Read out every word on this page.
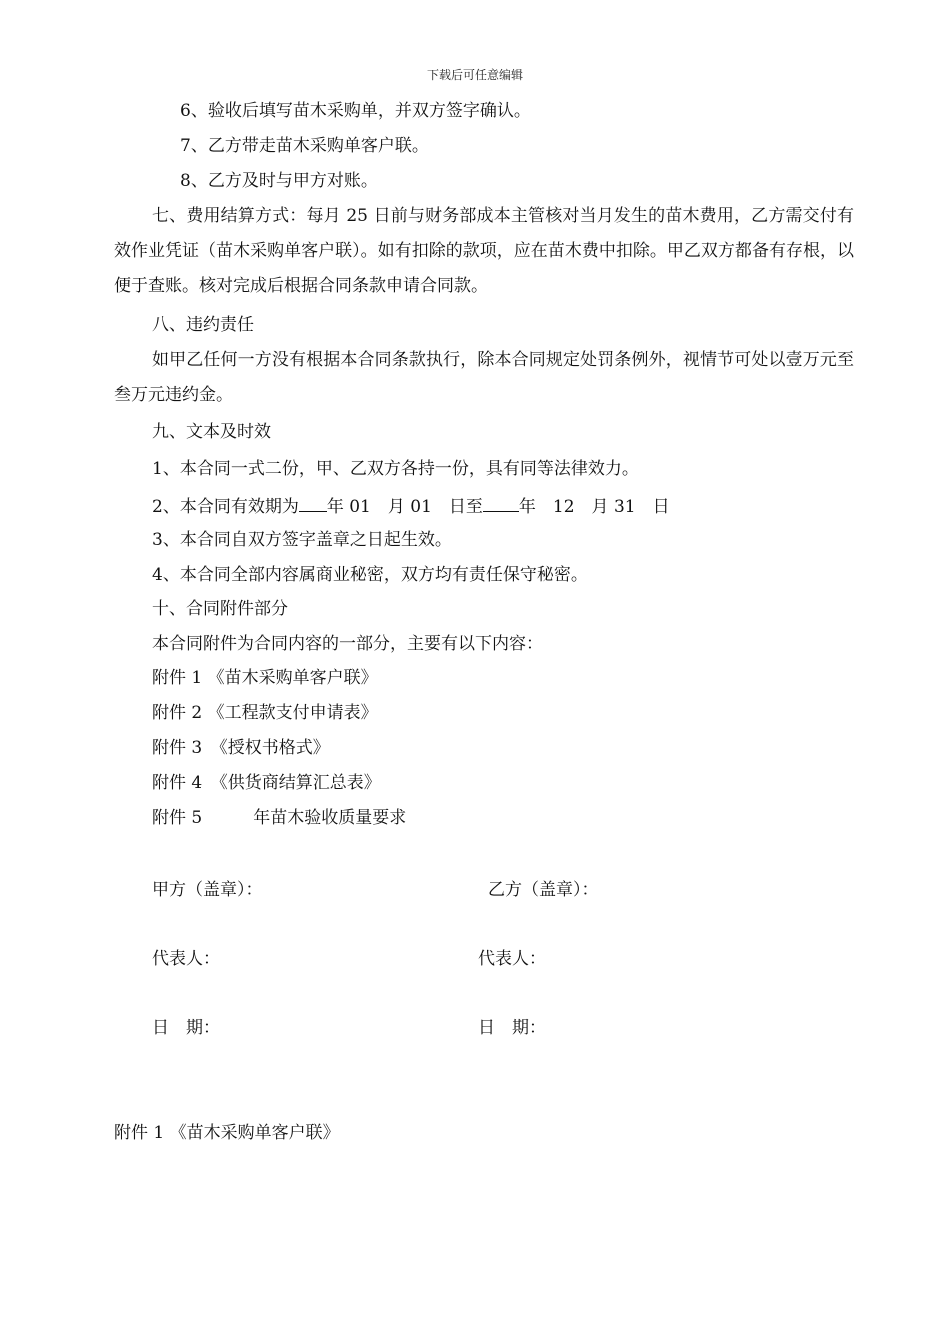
下载后可任意编辑
6、验收后填写苗木采购单，并双方签字确认。
7、乙方带走苗木采购单客户联。
8、乙方及时与甲方对账。
七、费用结算方式：每月 25 日前与财务部成本主管核对当月发生的苗木费用，乙方需交付有效作业凭证（苗木采购单客户联）。如有扣除的款项，应在苗木费中扣除。甲乙双方都备有存根，以便于查账。核对完成后根据合同条款申请合同款。
八、违约责任
如甲乙任何一方没有根据本合同条款执行，除本合同规定处罚条例外，视情节可处以壹万元至叁万元违约金。
九、文本及时效
1、本合同一式二份，甲、乙双方各持一份，具有同等法律效力。
2、本合同有效期为 年 01　月 01　日至 年　12　月 31　日
3、本合同自双方签字盖章之日起生效。
4、本合同全部内容属商业秘密，双方均有责任保守秘密。
十、合同附件部分
本合同附件为合同内容的一部分，主要有以下内容：
附件 1 《苗木采购单客户联》
附件 2 《工程款支付申请表》
附件 3　《授权书格式》
附件 4　《供货商结算汇总表》
附件 5　　　年苗木验收质量要求
甲方（盖章）：	乙方（盖章）：
代表人：	代表人：
日　期：	日　期：
附件 1 《苗木采购单客户联》
